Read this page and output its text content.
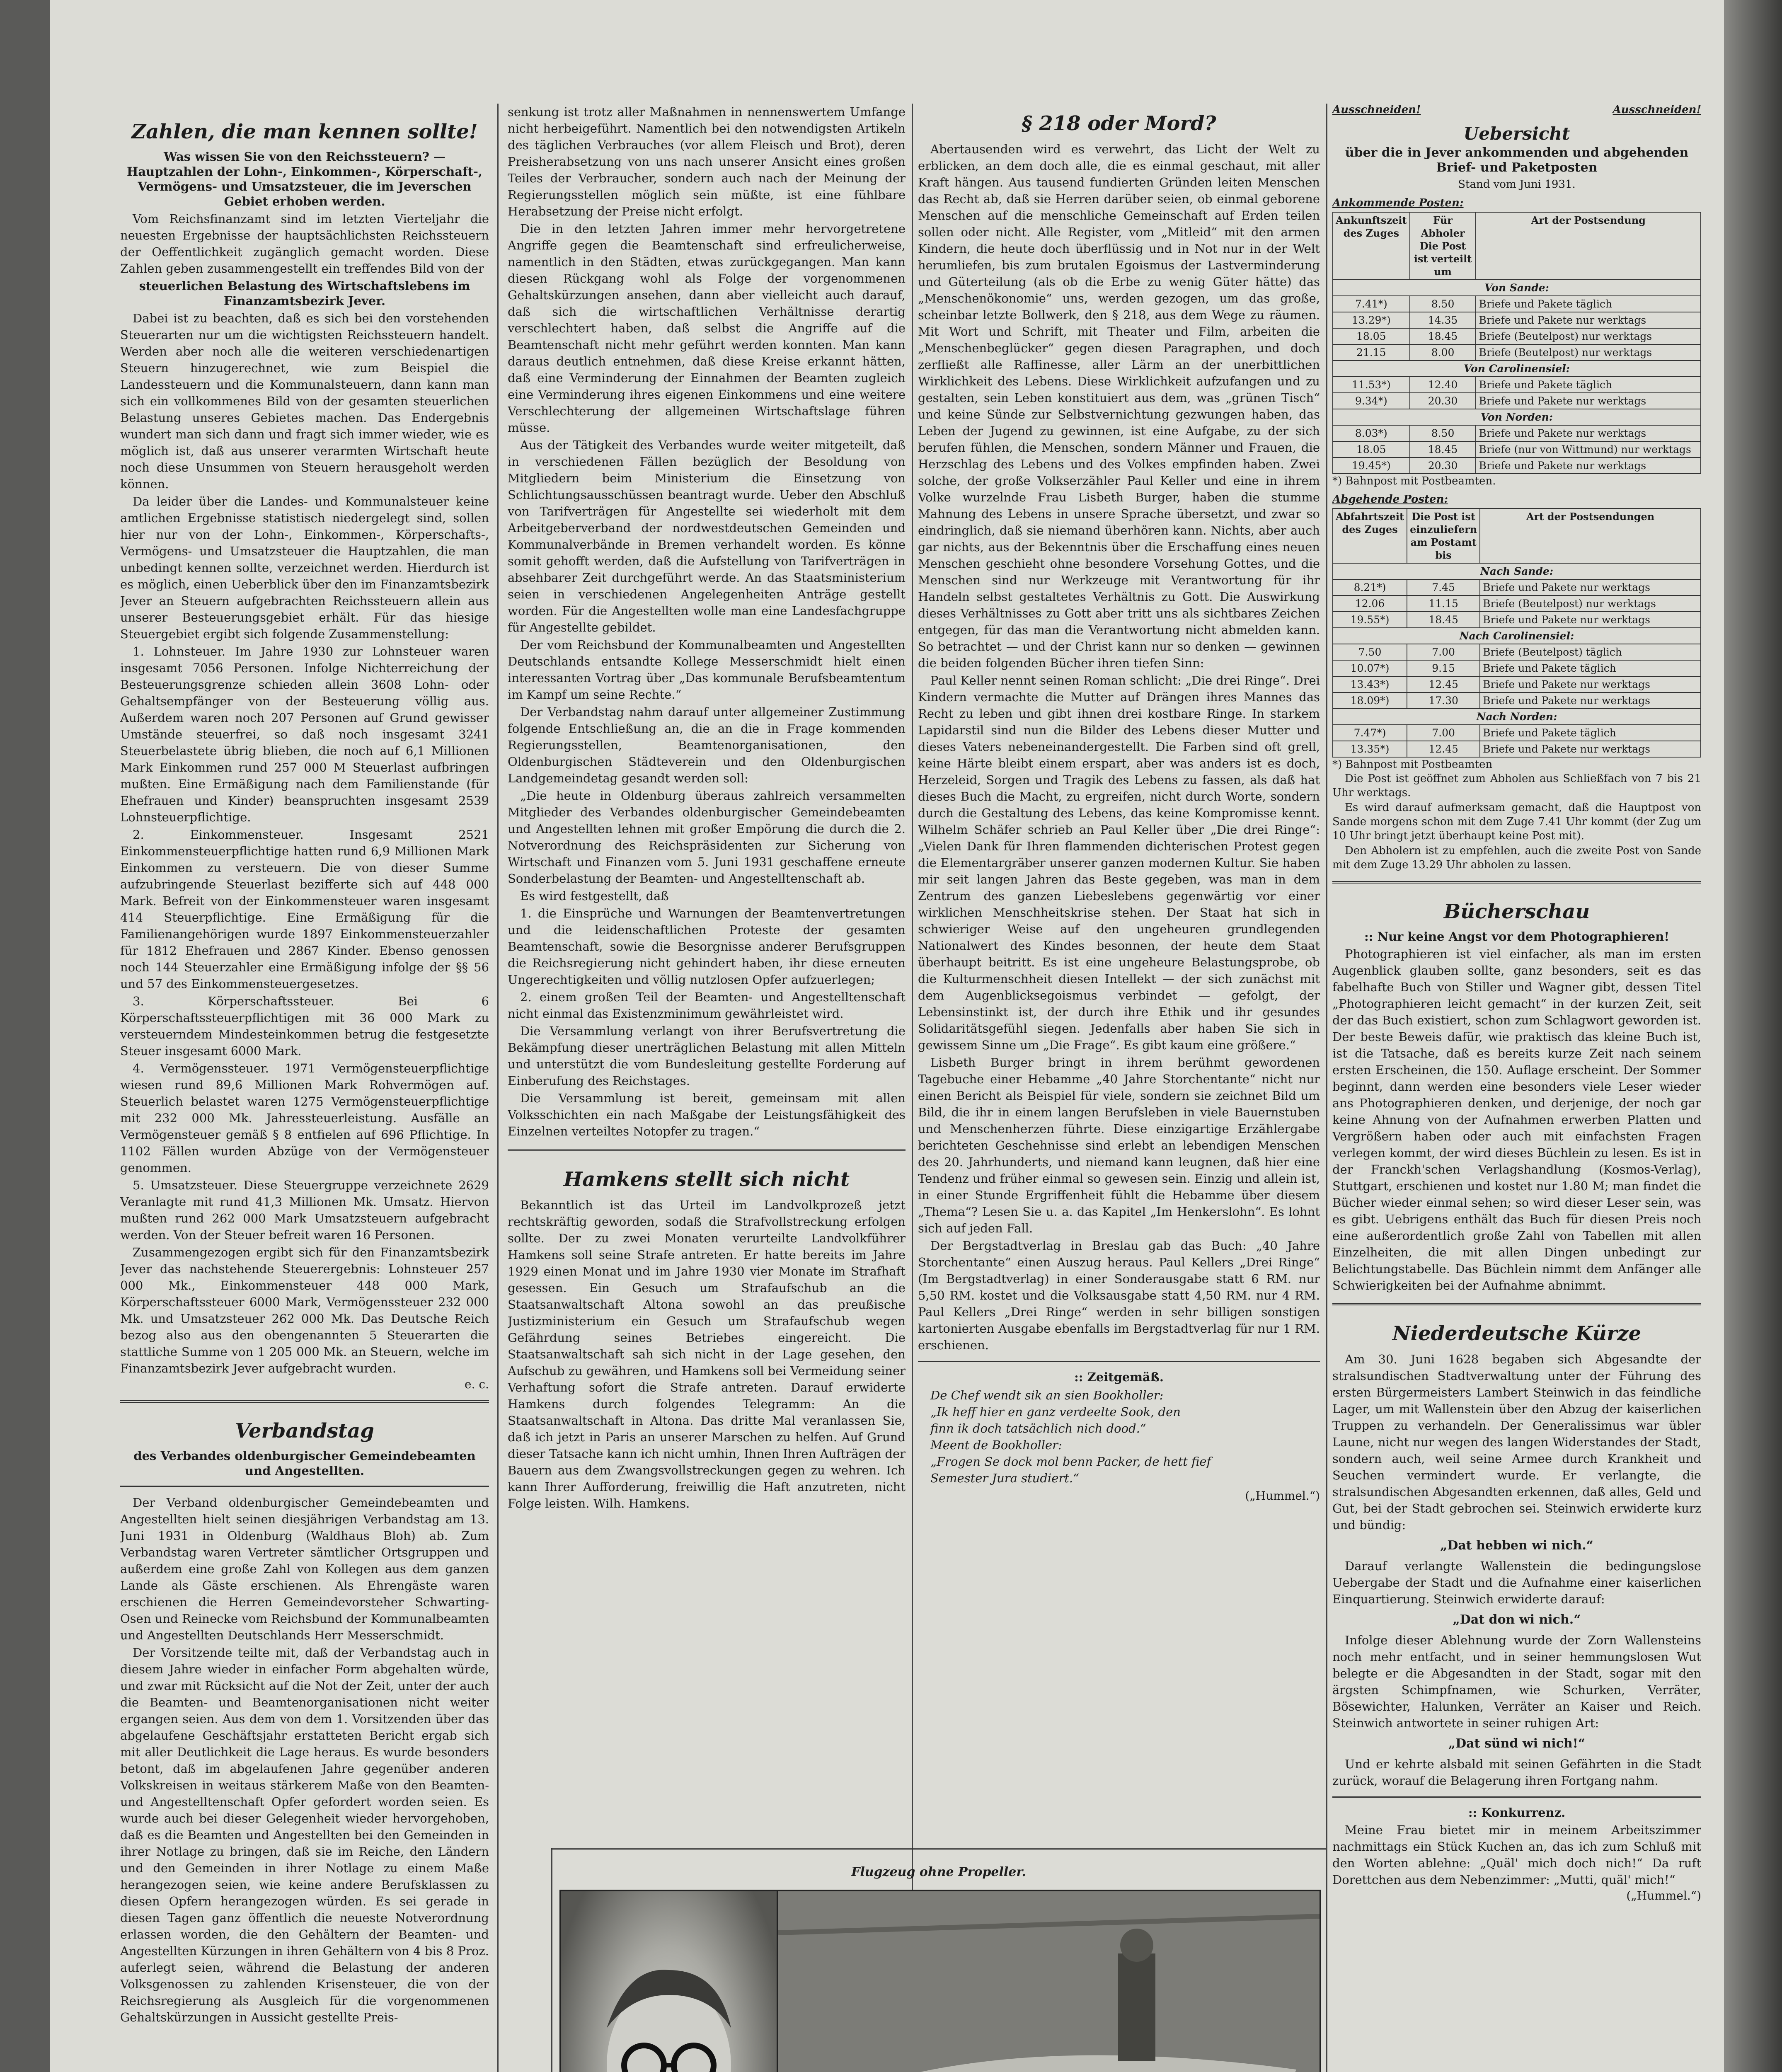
Zahlen, die man kennen sollte!
Was wissen Sie von den Reichssteuern? — Hauptzahlen der Lohn-, Einkommen-, Körperschaft-, Vermögens- und Umsatzsteuer, die im Jeverschen Gebiet erhoben werden.

Vom Reichsfinanzamt sind im letzten Vierteljahr die neuesten Ergebnisse der hauptsächlichsten Reichssteuern der Oeffentlichkeit zugänglich gemacht worden. Diese Zahlen geben zusammengestellt ein treffendes Bild von der

steuerlichen Belastung des Wirtschaftslebens im Finanzamtsbezirk Jever.

Dabei ist zu beachten, daß es sich bei den vorstehenden Steuerarten nur um die wichtigsten Reichssteuern handelt. Werden aber noch alle die weiteren verschiedenartigen Steuern hinzugerechnet, wie zum Beispiel die Landessteuern und die Kommunalsteuern, dann kann man sich ein vollkommenes Bild von der gesamten steuerlichen Belastung unseres Gebietes machen. Das Endergebnis wundert man sich dann und fragt sich immer wieder, wie es möglich ist, daß aus unserer verarmten Wirtschaft heute noch diese Unsummen von Steuern herausgeholt werden können.

Da leider über die Landes- und Kommunalsteuer keine amtlichen Ergebnisse statistisch niedergelegt sind, sollen hier nur von der Lohn-, Einkommen-, Körperschafts-, Vermögens- und Umsatzsteuer die Hauptzahlen, die man unbedingt kennen sollte, verzeichnet werden. Hierdurch ist es möglich, einen Ueberblick über den im Finanzamtsbezirk Jever an Steuern aufgebrachten Reichssteuern allein aus unserer Besteuerungsgebiet erhält. Für das hiesige Steuergebiet ergibt sich folgende Zusammenstellung:

1. Lohnsteuer. Im Jahre 1930 zur Lohnsteuer waren insgesamt 7056 Personen. Infolge Nichterreichung der Besteuerungsgrenze schieden allein 3608 Lohn- oder Gehaltsempfänger von der Besteuerung völlig aus. Außerdem waren noch 207 Personen auf Grund gewisser Umstände steuerfrei, so daß noch insgesamt 3241 Steuerbelastete übrig blieben, die noch auf 6,1 Millionen Mark Einkommen rund 257 000 M Steuerlast aufbringen mußten. Eine Ermäßigung nach dem Familienstande (für Ehefrauen und Kinder) beanspruchten insgesamt 2539 Lohnsteuerpflichtige.

2. Einkommensteuer. Insgesamt 2521 Einkommensteuerpflichtige hatten rund 6,9 Millionen Mark Einkommen zu versteuern. Die von dieser Summe aufzubringende Steuerlast bezifferte sich auf 448 000 Mark. Befreit von der Einkommensteuer waren insgesamt 414 Steuerpflichtige. Eine Ermäßigung für die Familienangehörigen wurde 1897 Einkommensteuerzahler für 1812 Ehefrauen und 2867 Kinder. Ebenso genossen noch 144 Steuerzahler eine Ermäßigung infolge der §§ 56 und 57 des Einkommensteuergesetzes.

3. Körperschaftssteuer. Bei 6 Körperschaftssteuerpflichtigen mit 36 000 Mark zu versteuerndem Mindesteinkommen betrug die festgesetzte Steuer insgesamt 6000 Mark.

4. Vermögenssteuer. 1971 Vermögensteuerpflichtige wiesen rund 89,6 Millionen Mark Rohvermögen auf. Steuerlich belastet waren 1275 Vermögensteuerpflichtige mit 232 000 Mk. Jahressteuerleistung. Ausfälle an Vermögensteuer gemäß § 8 entfielen auf 696 Pflichtige. In 1102 Fällen wurden Abzüge von der Vermögensteuer genommen.

5. Umsatzsteuer. Diese Steuergruppe verzeichnete 2629 Veranlagte mit rund 41,3 Millionen Mk. Umsatz. Hiervon mußten rund 262 000 Mark Umsatzsteuern aufgebracht werden. Von der Steuer befreit waren 16 Personen.

Zusammengezogen ergibt sich für den Finanzamtsbezirk Jever das nachstehende Steuerergebnis: Lohnsteuer 257 000 Mk., Einkommensteuer 448 000 Mark, Körperschaftssteuer 6000 Mark, Vermögenssteuer 232 000 Mk. und Umsatzsteuer 262 000 Mk. Das Deutsche Reich bezog also aus den obengenannten 5 Steuerarten die stattliche Summe von 1 205 000 Mk. an Steuern, welche im Finanzamtsbezirk Jever aufgebracht wurden.

e. c.
Verbandstag
des Verbandes oldenburgischer Gemeindebeamten und Angestellten.

Der Verband oldenburgischer Gemeindebeamten und Angestellten hielt seinen diesjährigen Verbandstag am 13. Juni 1931 in Oldenburg (Waldhaus Bloh) ab. Zum Verbandstag waren Vertreter sämtlicher Ortsgruppen und außerdem eine große Zahl von Kollegen aus dem ganzen Lande als Gäste erschienen. Als Ehrengäste waren erschienen die Herren Gemeindevorsteher Schwarting-Osen und Reinecke vom Reichsbund der Kommunalbeamten und Angestellten Deutschlands Herr Messerschmidt.

Der Vorsitzende teilte mit, daß der Verbandstag auch in diesem Jahre wieder in einfacher Form abgehalten würde, und zwar mit Rücksicht auf die Not der Zeit, unter der auch die Beamten- und Beamtenorganisationen nicht weiter ergangen seien. Aus dem von dem 1. Vorsitzenden über das abgelaufene Geschäftsjahr erstatteten Bericht ergab sich mit aller Deutlichkeit die Lage heraus. Es wurde besonders betont, daß im abgelaufenen Jahre gegenüber anderen Volkskreisen in weitaus stärkerem Maße von den Beamten- und Angestelltenschaft Opfer gefordert worden seien. Es wurde auch bei dieser Gelegenheit wieder hervorgehoben, daß es die Beamten und Angestellten bei den Gemeinden in ihrer Notlage zu bringen, daß sie im Reiche, den Ländern und den Gemeinden in ihrer Notlage zu einem Maße herangezogen seien, wie keine andere Berufsklassen zu diesen Opfern herangezogen würden. Es sei gerade in diesen Tagen ganz öffentlich die neueste Notverordnung erlassen worden, die den Gehältern der Beamten- und Angestellten Kürzungen in ihren Gehältern von 4 bis 8 Proz. auferlegt seien, während die Belastung der anderen Volksgenossen zu zahlenden Krisensteuer, die von der Reichsregierung als Ausgleich für die vorgenommenen Gehaltskürzungen in Aussicht gestellte Preis-

senkung ist trotz aller Maßnahmen in nennenswertem Umfange nicht herbeigeführt. Namentlich bei den notwendigsten Artikeln des täglichen Verbrauches (vor allem Fleisch und Brot), deren Preisherabsetzung von uns nach unserer Ansicht eines großen Teiles der Verbraucher, sondern auch nach der Meinung der Regierungsstellen möglich sein müßte, ist eine fühlbare Herabsetzung der Preise nicht erfolgt.

Die in den letzten Jahren immer mehr hervorgetretene Angriffe gegen die Beamtenschaft sind erfreulicherweise, namentlich in den Städten, etwas zurückgegangen. Man kann diesen Rückgang wohl als Folge der vorgenommenen Gehaltskürzungen ansehen, dann aber vielleicht auch darauf, daß sich die wirtschaftlichen Verhältnisse derartig verschlechtert haben, daß selbst die Angriffe auf die Beamtenschaft nicht mehr geführt werden konnten. Man kann daraus deutlich entnehmen, daß diese Kreise erkannt hätten, daß eine Verminderung der Einnahmen der Beamten zugleich eine Verminderung ihres eigenen Einkommens und eine weitere Verschlechterung der allgemeinen Wirtschaftslage führen müsse.

Aus der Tätigkeit des Verbandes wurde weiter mitgeteilt, daß in verschiedenen Fällen bezüglich der Besoldung von Mitgliedern beim Ministerium die Einsetzung von Schlichtungsausschüssen beantragt wurde. Ueber den Abschluß von Tarifverträgen für Angestellte sei wiederholt mit dem Arbeitgeberverband der nordwestdeutschen Gemeinden und Kommunalverbände in Bremen verhandelt worden. Es könne somit gehofft werden, daß die Aufstellung von Tarifverträgen in absehbarer Zeit durchgeführt werde. An das Staatsministerium seien in verschiedenen Angelegenheiten Anträge gestellt worden. Für die Angestellten wolle man eine Landesfachgruppe für Angestellte gebildet.

Der vom Reichsbund der Kommunalbeamten und Angestellten Deutschlands entsandte Kollege Messerschmidt hielt einen interessanten Vortrag über „Das kommunale Berufsbeamtentum im Kampf um seine Rechte.“

Der Verbandstag nahm darauf unter allgemeiner Zustimmung folgende Entschließung an, die an die in Frage kommenden Regierungsstellen, Beamtenorganisationen, den Oldenburgischen Städteverein und den Oldenburgischen Landgemeindetag gesandt werden soll:

„Die heute in Oldenburg überaus zahlreich versammelten Mitglieder des Verbandes oldenburgischer Gemeindebeamten und Angestellten lehnen mit großer Empörung die durch die 2. Notverordnung des Reichspräsidenten zur Sicherung von Wirtschaft und Finanzen vom 5. Juni 1931 geschaffene erneute Sonderbelastung der Beamten- und Angestelltenschaft ab.

Es wird festgestellt, daß

1. die Einsprüche und Warnungen der Beamtenvertretungen und die leidenschaftlichen Proteste der gesamten Beamtenschaft, sowie die Besorgnisse anderer Berufsgruppen die Reichsregierung nicht gehindert haben, ihr diese erneuten Ungerechtigkeiten und völlig nutzlosen Opfer aufzuerlegen;

2. einem großen Teil der Beamten- und Angestelltenschaft nicht einmal das Existenzminimum gewährleistet wird.

Die Versammlung verlangt von ihrer Berufsvertretung die Bekämpfung dieser unerträglichen Belastung mit allen Mitteln und unterstützt die vom Bundesleitung gestellte Forderung auf Einberufung des Reichstages.

Die Versammlung ist bereit, gemeinsam mit allen Volksschichten ein nach Maßgabe der Leistungsfähigkeit des Einzelnen verteiltes Notopfer zu tragen.“

Hamkens stellt sich nicht

Bekanntlich ist das Urteil im Landvolkprozeß jetzt rechtskräftig geworden, sodaß die Strafvollstreckung erfolgen sollte. Der zu zwei Monaten verurteilte Landvolkführer Hamkens soll seine Strafe antreten. Er hatte bereits im Jahre 1929 einen Monat und im Jahre 1930 vier Monate im Strafhaft gesessen. Ein Gesuch um Strafaufschub an die Staatsanwaltschaft Altona sowohl an das preußische Justizministerium ein Gesuch um Strafaufschub wegen Gefährdung seines Betriebes eingereicht. Die Staatsanwaltschaft sah sich nicht in der Lage gesehen, den Aufschub zu gewähren, und Hamkens soll bei Vermeidung seiner Verhaftung sofort die Strafe antreten. Darauf erwiderte Hamkens durch folgendes Telegramm: An die Staatsanwaltschaft in Altona. Das dritte Mal veranlassen Sie, daß ich jetzt in Paris an unserer Marschen zu helfen. Auf Grund dieser Tatsache kann ich nicht umhin, Ihnen Ihren Aufträgen der Bauern aus dem Zwangsvollstreckungen gegen zu wehren. Ich kann Ihrer Aufforderung, freiwillig die Haft anzutreten, nicht Folge leisten. Wilh. Hamkens.

§ 218 oder Mord?

Abertausenden wird es verwehrt, das Licht der Welt zu erblicken, an dem doch alle, die es einmal geschaut, mit aller Kraft hängen. Aus tausend fundierten Gründen leiten Menschen das Recht ab, daß sie Herren darüber seien, ob einmal geborene Menschen auf die menschliche Gemeinschaft auf Erden teilen sollen oder nicht. Alle Register, vom „Mitleid“ mit den armen Kindern, die heute doch überflüssig und in Not nur in der Welt herumliefen, bis zum brutalen Egoismus der Lastverminderung und Güterteilung (als ob die Erbe zu wenig Güter hätte) das „Menschenökonomie“ uns, werden gezogen, um das große, scheinbar letzte Bollwerk, den § 218, aus dem Wege zu räumen. Mit Wort und Schrift, mit Theater und Film, arbeiten die „Menschenbeglücker“ gegen diesen Paragraphen, und doch zerfließt alle Raffinesse, aller Lärm an der unerbittlichen Wirklichkeit des Lebens. Diese Wirklichkeit aufzufangen und zu gestalten, sein Leben konstituiert aus dem, was „grünen Tisch“ und keine Sünde zur Selbstvernichtung gezwungen haben, das Leben der Jugend zu gewinnen, ist eine Aufgabe, zu der sich berufen fühlen, die Menschen, sondern Männer und Frauen, die Herzschlag des Lebens und des Volkes empfinden haben. Zwei solche, der große Volkserzähler Paul Keller und eine in ihrem Volke wurzelnde Frau Lisbeth Burger, haben die stumme Mahnung des Lebens in unsere Sprache übersetzt, und zwar so eindringlich, daß sie niemand überhören kann. Nichts, aber auch gar nichts, aus der Bekenntnis über die Erschaffung eines neuen Menschen geschieht ohne besondere Vorsehung Gottes, und die Menschen sind nur Werkzeuge mit Verantwortung für ihr Handeln selbst gestaltetes Verhältnis zu Gott. Die Auswirkung dieses Verhältnisses zu Gott aber tritt uns als sichtbares Zeichen entgegen, für das man die Verantwortung nicht abmelden kann. So betrachtet — und der Christ kann nur so denken — gewinnen die beiden folgenden Bücher ihren tiefen Sinn:

Paul Keller nennt seinen Roman schlicht: „Die drei Ringe“. Drei Kindern vermachte die Mutter auf Drängen ihres Mannes das Recht zu leben und gibt ihnen drei kostbare Ringe. In starkem Lapidarstil sind nun die Bilder des Lebens dieser Mutter und dieses Vaters nebeneinandergestellt. Die Farben sind oft grell, keine Härte bleibt einem erspart, aber was anders ist es doch, Herzeleid, Sorgen und Tragik des Lebens zu fassen, als daß hat dieses Buch die Macht, zu ergreifen, nicht durch Worte, sondern durch die Gestaltung des Lebens, das keine Kompromisse kennt. Wilhelm Schäfer schrieb an Paul Keller über „Die drei Ringe“: „Vielen Dank für Ihren flammenden dichterischen Protest gegen die Elementargräber unserer ganzen modernen Kultur. Sie haben mir seit langen Jahren das Beste gegeben, was man in dem Zentrum des ganzen Liebeslebens gegenwärtig vor einer wirklichen Menschheitskrise stehen. Der Staat hat sich in schwieriger Weise auf den ungeheuren grundlegenden Nationalwert des Kindes besonnen, der heute dem Staat überhaupt beitritt. Es ist eine ungeheure Belastungsprobe, ob die Kulturmenschheit diesen Intellekt — der sich zunächst mit dem Augenblicksegoismus verbindet — gefolgt, der Lebensinstinkt ist, der durch ihre Ethik und ihr gesundes Solidaritätsgefühl siegen. Jedenfalls aber haben Sie sich in gewissem Sinne um „Die Frage“. Es gibt kaum eine größere.“

Lisbeth Burger bringt in ihrem berühmt gewordenen Tagebuche einer Hebamme „40 Jahre Storchentante“ nicht nur einen Bericht als Beispiel für viele, sondern sie zeichnet Bild um Bild, die ihr in einem langen Berufsleben in viele Bauernstuben und Menschenherzen führte. Diese einzigartige Erzählergabe berichteten Geschehnisse sind erlebt an lebendigen Menschen des 20. Jahrhunderts, und niemand kann leugnen, daß hier eine Tendenz und früher einmal so gewesen sein. Einzig und allein ist, in einer Stunde Ergriffenheit fühlt die Hebamme über diesem „Thema“? Lesen Sie u. a. das Kapitel „Im Henkerslohn“. Es lohnt sich auf jeden Fall.

Der Bergstadtverlag in Breslau gab das Buch: „40 Jahre Storchentante“ einen Auszug heraus. Paul Kellers „Drei Ringe“ (Im Bergstadtverlag) in einer Sonderausgabe statt 6 RM. nur 5,50 RM. kostet und die Volksausgabe statt 4,50 RM. nur 4 RM. Paul Kellers „Drei Ringe“ werden in sehr billigen sonstigen kartonierten Ausgabe ebenfalls im Bergstadtverlag für nur 1 RM. erschienen.

:: Zeitgemäß.
De Chef wendt sik an sien Bookholler:
„Ik heff hier en ganz verdeelte Sook, den
finn ik doch tatsächlich nich dood.“
Meent de Bookholler:
„Frogen Se dock mol benn Packer, de hett fief
Semester Jura studiert.“
(„Hummel.“)
Flugzeug ohne Propeller.
Ausschneiden!	Ausschneiden!
Uebersicht
über die in Jever ankommenden und abgehenden Brief- und Paketposten
Stand vom Juni 1931.
Ankommende Posten:
Ankunftszeit des Zuges	Für Abholer Die Post ist verteilt um	Art der Postsendung
Von Sande:		
7.41*)	8.50	Briefe und Pakete täglich
13.29*)	14.35	Briefe und Pakete nur werktags
18.05	18.45	Briefe (Beutelpost) nur werktags
21.15	8.00	Briefe (Beutelpost) nur werktags
Von Carolinensiel:		
11.53*)	12.40	Briefe und Pakete täglich
9.34*)	20.30	Briefe und Pakete nur werktags
Von Norden:		
8.03*)	8.50	Briefe und Pakete nur werktags
18.05	18.45	Briefe (nur von Wittmund) nur werktags
19.45*)	20.30	Briefe und Pakete nur werktags
*) Bahnpost mit Postbeamten.
Abgehende Posten:
Abfahrtszeit des Zuges	Die Post ist einzuliefern am Postamt bis	Art der Postsendungen
Nach Sande:		
8.21*)	7.45	Briefe und Pakete nur werktags
12.06	11.15	Briefe (Beutelpost) nur werktags
19.55*)	18.45	Briefe und Pakete nur werktags
Nach Carolinensiel:		
7.50	7.00	Briefe (Beutelpost) täglich
10.07*)	9.15	Briefe und Pakete täglich
13.43*)	12.45	Briefe und Pakete nur werktags
18.09*)	17.30	Briefe und Pakete nur werktags
Nach Norden:		
7.47*)	7.00	Briefe und Pakete täglich
13.35*)	12.45	Briefe und Pakete nur werktags
*) Bahnpost mit Postbeamten

Die Post ist geöffnet zum Abholen aus Schließfach von 7 bis 21 Uhr werktags.

Es wird darauf aufmerksam gemacht, daß die Hauptpost von Sande morgens schon mit dem Zuge 7.41 Uhr kommt (der Zug um 10 Uhr bringt jetzt überhaupt keine Post mit).

Den Abholern ist zu empfehlen, auch die zweite Post von Sande mit dem Zuge 13.29 Uhr abholen zu lassen.

Bücherschau
:: Nur keine Angst vor dem Photographieren!

Photographieren ist viel einfacher, als man im ersten Augenblick glauben sollte, ganz besonders, seit es das fabelhafte Buch von Stiller und Wagner gibt, dessen Titel „Photographieren leicht gemacht“ in der kurzen Zeit, seit der das Buch existiert, schon zum Schlagwort geworden ist. Der beste Beweis dafür, wie praktisch das kleine Buch ist, ist die Tatsache, daß es bereits kurze Zeit nach seinem ersten Erscheinen, die 150. Auflage erscheint. Der Sommer beginnt, dann werden eine besonders viele Leser wieder ans Photographieren denken, und derjenige, der noch gar keine Ahnung von der Aufnahmen erwerben Platten und Vergrößern haben oder auch mit einfachsten Fragen verlegen kommt, der wird dieses Büchlein zu lesen. Es ist in der Franckh'schen Verlagshandlung (Kosmos-Verlag), Stuttgart, erschienen und kostet nur 1.80 M; man findet die Bücher wieder einmal sehen; so wird dieser Leser sein, was es gibt. Uebrigens enthält das Buch für diesen Preis noch eine außerordentlich große Zahl von Tabellen mit allen Einzelheiten, die mit allen Dingen unbedingt zur Belichtungstabelle. Das Büchlein nimmt dem Anfänger alle Schwierigkeiten bei der Aufnahme abnimmt.

Niederdeutsche Kürze

Am 30. Juni 1628 begaben sich Abgesandte der stralsundischen Stadtverwaltung unter der Führung des ersten Bürgermeisters Lambert Steinwich in das feindliche Lager, um mit Wallenstein über den Abzug der kaiserlichen Truppen zu verhandeln. Der Generalissimus war übler Laune, nicht nur wegen des langen Widerstandes der Stadt, sondern auch, weil seine Armee durch Krankheit und Seuchen vermindert wurde. Er verlangte, die stralsundischen Abgesandten erkennen, daß alles, Geld und Gut, bei der Stadt gebrochen sei. Steinwich erwiderte kurz und bündig:

„Dat hebben wi nich.“

Darauf verlangte Wallenstein die bedingungslose Uebergabe der Stadt und die Aufnahme einer kaiserlichen Einquartierung. Steinwich erwiderte darauf:

„Dat don wi nich.“

Infolge dieser Ablehnung wurde der Zorn Wallensteins noch mehr entfacht, und in seiner hemmungslosen Wut belegte er die Abgesandten in der Stadt, sogar mit den ärgsten Schimpfnamen, wie Schurken, Verräter, Bösewichter, Halunken, Verräter an Kaiser und Reich. Steinwich antwortete in seiner ruhigen Art:

„Dat sünd wi nich!“

Und er kehrte alsbald mit seinen Gefährten in die Stadt zurück, worauf die Belagerung ihren Fortgang nahm.

:: Konkurrenz.

Meine Frau bietet mir in meinem Arbeitszimmer nachmittags ein Stück Kuchen an, das ich zum Schluß mit den Worten ablehne: „Quäl' mich doch nich!“ Da ruft Dorettchen aus dem Nebenzimmer: „Mutti, quäl' mich!“

(„Hummel.“)
